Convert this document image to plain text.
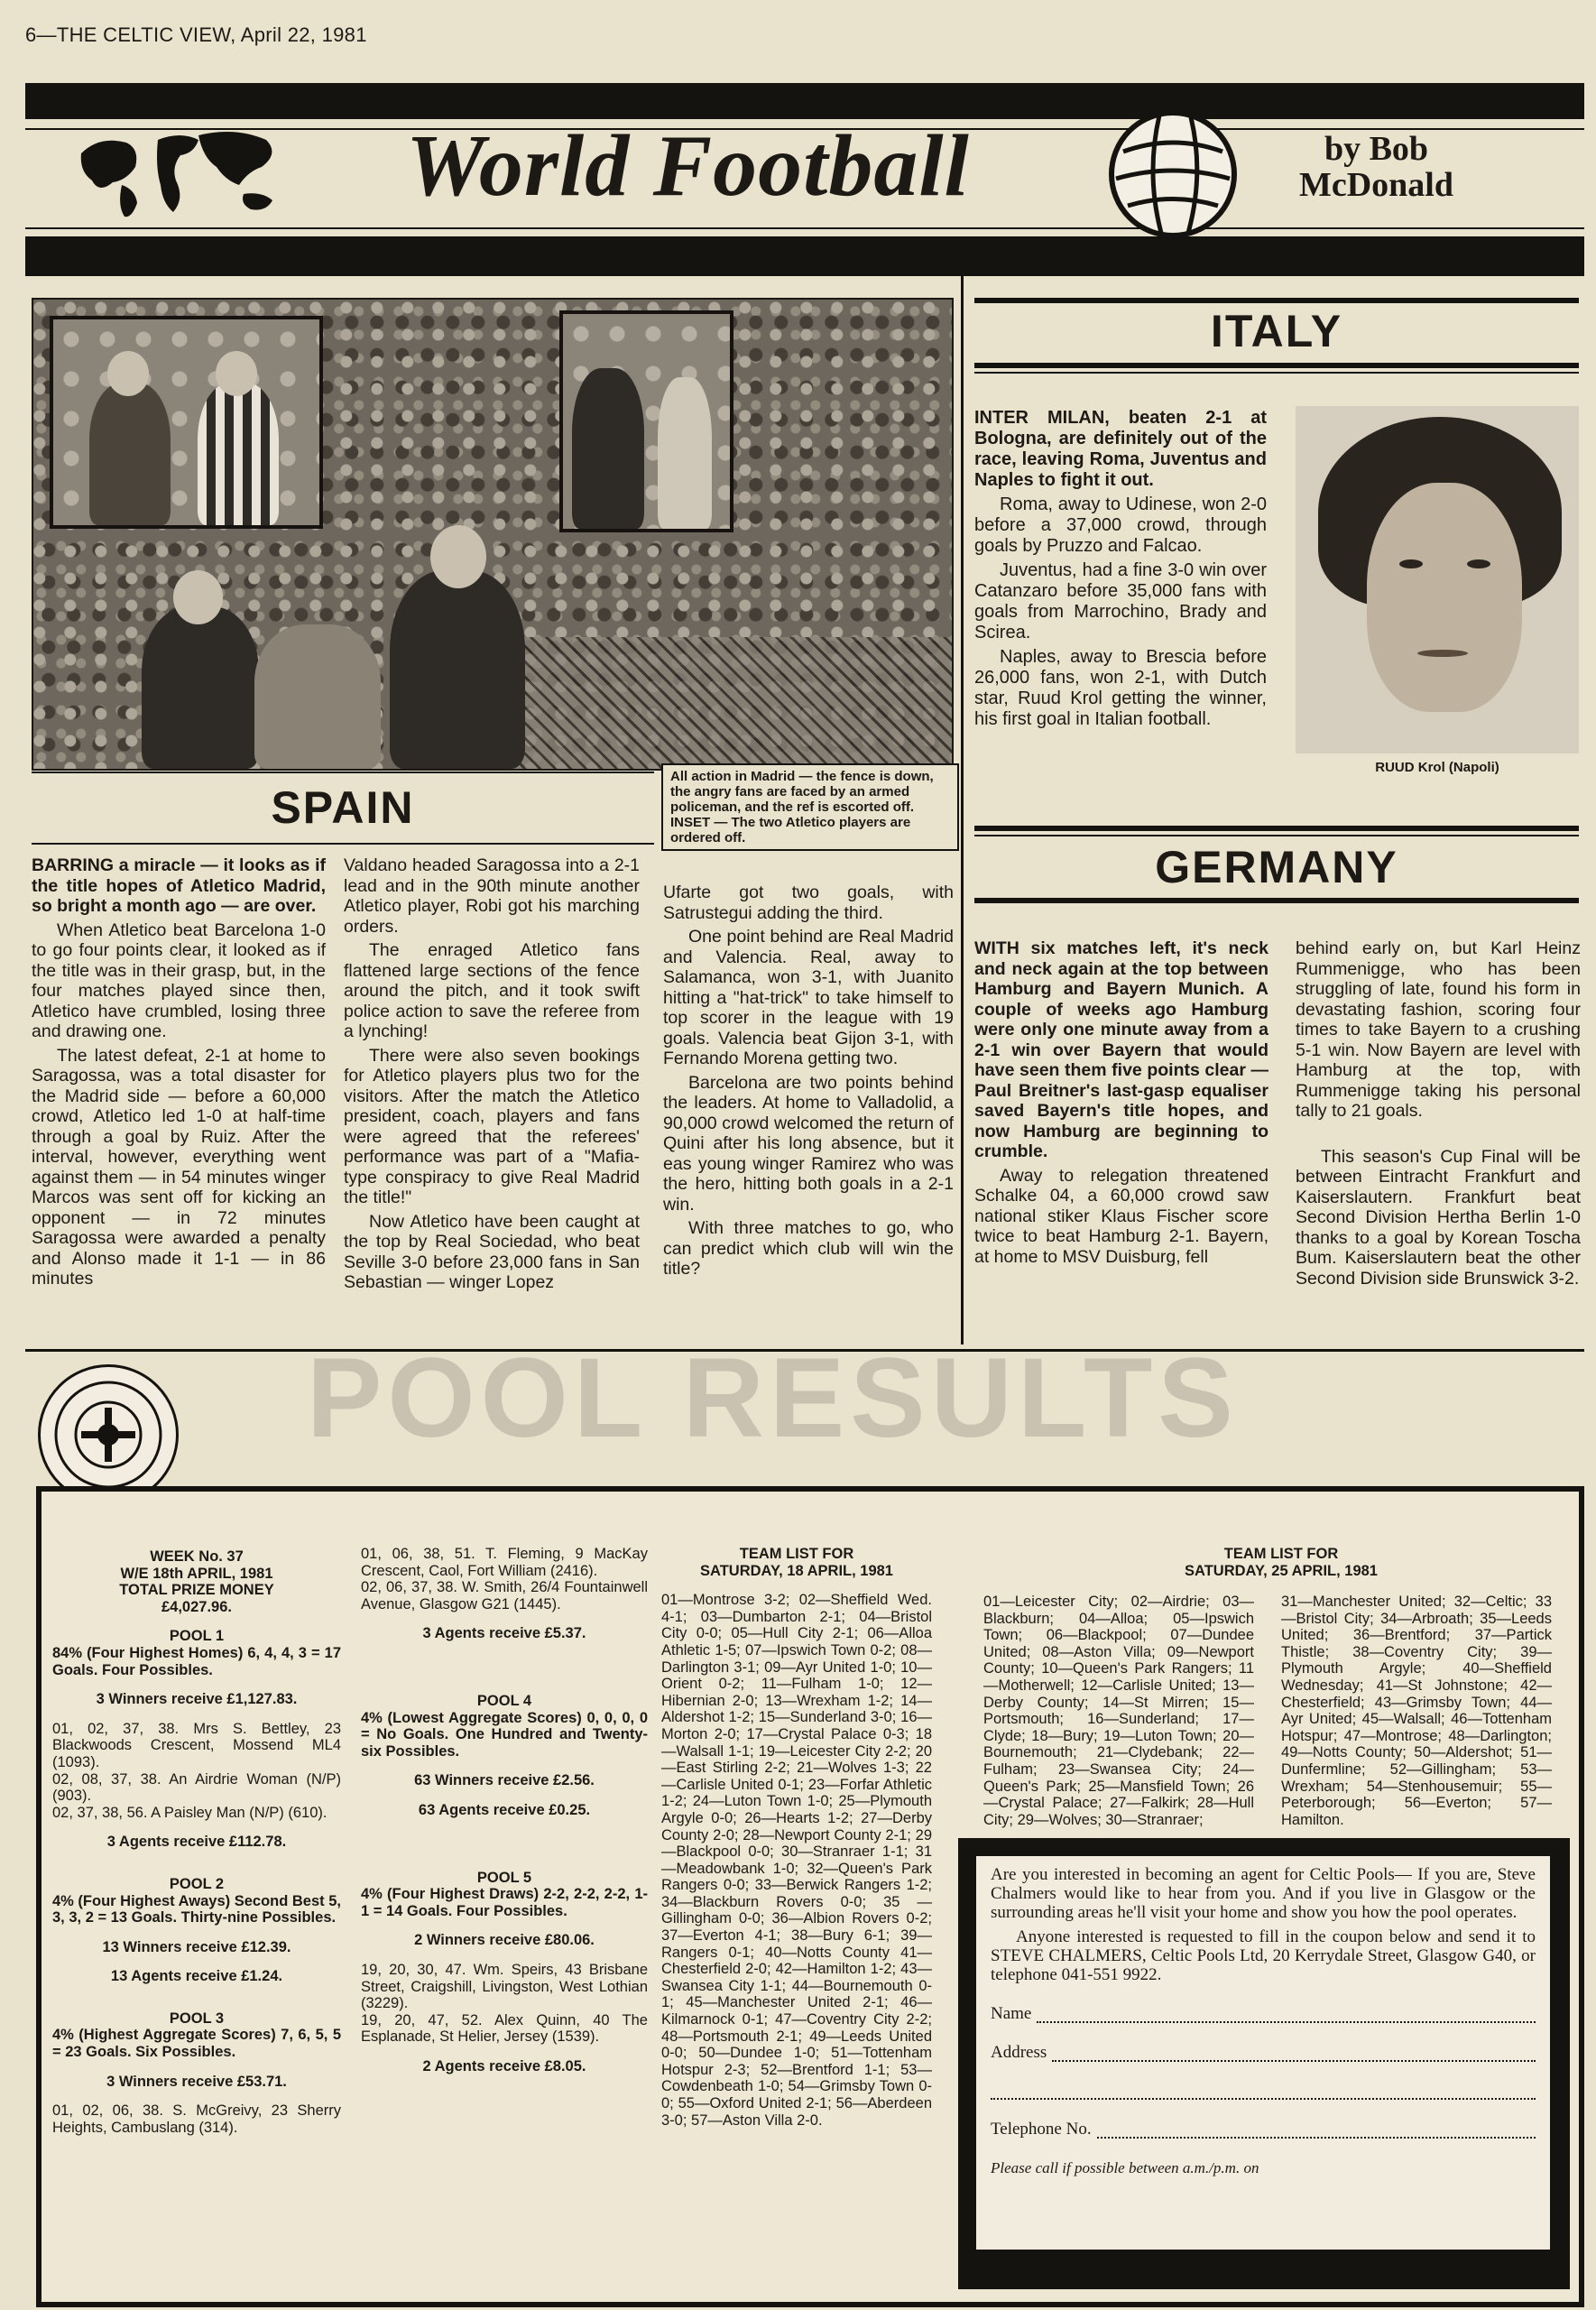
6—THE CELTIC VIEW, April 22, 1981
World Football	by Bob
McDonald
SPAIN
All action in Madrid — the fence is down, the angry fans are faced by an armed policeman, and the ref is escorted off. INSET — The two Atletico players are ordered off.

BARRING a miracle — it looks as if the title hopes of Atletico Madrid, so bright a month ago — are over.

When Atletico beat Barcelona 1-0 to go four points clear, it looked as if the title was in their grasp, but, in the four matches played since then, Atletico have crumbled, losing three and drawing one.

The latest defeat, 2-1 at home to Saragossa, was a total disaster for the Madrid side — before a 60,000 crowd, Atletico led 1-0 at half-time through a goal by Ruiz. After the interval, however, everything went against them — in 54 minutes winger Marcos was sent off for kicking an opponent — in 72 minutes Saragossa were awarded a penalty and Alonso made it 1-1 — in 86 minutes

Valdano headed Saragossa into a 2-1 lead and in the 90th minute another Atletico player, Robi got his marching orders.

The enraged Atletico fans flattened large sections of the fence around the pitch, and it took swift police action to save the referee from a lynching!

There were also seven bookings for Atletico players plus two for the visitors. After the match the Atletico president, coach, players and fans were agreed that the referees' performance was part of a "Mafia-type conspiracy to give Real Madrid the title!"

Now Atletico have been caught at the top by Real Sociedad, who beat Seville 3-0 before 23,000 fans in San Sebastian — winger Lopez

Ufarte got two goals, with Satrustegui adding the third.

One point behind are Real Madrid and Valencia. Real, away to Salamanca, won 3-1, with Juanito hitting a "hat-trick" to take himself to top scorer in the league with 19 goals. Valencia beat Gijon 3-1, with Fernando Morena getting two.

Barcelona are two points behind the leaders. At home to Valladolid, a 90,000 crowd welcomed the return of Quini after his long absence, but it eas young winger Ramirez who was the hero, hitting both goals in a 2-1 win.

With three matches to go, who can predict which club will win the title?

ITALY

INTER MILAN, beaten 2-1 at Bologna, are definitely out of the race, leaving Roma, Juventus and Naples to fight it out.

Roma, away to Udinese, won 2-0 before a 37,000 crowd, through goals by Pruzzo and Falcao.

Juventus, had a fine 3-0 win over Catanzaro before 35,000 fans with goals from Marrochino, Brady and Scirea.

Naples, away to Brescia before 26,000 fans, won 2-1, with Dutch star, Ruud Krol getting the winner, his first goal in Italian football.

RUUD Krol (Napoli)
GERMANY

WITH six matches left, it's neck and neck again at the top between Hamburg and Bayern Munich. A couple of weeks ago Hamburg were only one minute away from a 2-1 win over Bayern that would have seen them five points clear — Paul Breitner's last-gasp equaliser saved Bayern's title hopes, and now Hamburg are beginning to crumble.

Away to relegation threatened Schalke 04, a 60,000 crowd saw national stiker Klaus Fischer score twice to beat Hamburg 2-1. Bayern, at home to MSV Duisburg, fell

behind early on, but Karl Heinz Rummenigge, who has been struggling of late, found his form in devastating fashion, scoring four times to take Bayern to a crushing 5-1 win. Now Bayern are level with Hamburg at the top, with Rummenigge taking his personal tally to 21 goals.

This season's Cup Final will be between Eintracht Frankfurt and Kaiserslautern. Frankfurt beat Second Division Hertha Berlin 1-0 thanks to a goal by Korean Toscha Bum. Kaiserslautern beat the other Second Division side Brunswick 3-2.

POOL RESULTS
WEEK No. 37
W/E 18th APRIL, 1981
TOTAL PRIZE MONEY
£4,027.96.
POOL 1
84% (Four Highest Homes) 6, 4, 4, 3 = 17 Goals. Four Possibles.
3 Winners receive £1,127.83.
01, 02, 37, 38. Mrs S. Bettley, 23 Blackwoods Crescent, Mossend ML4 (1093).
02, 08, 37, 38. An Airdrie Woman (N/P) (903).
02, 37, 38, 56. A Paisley Man (N/P) (610).
3 Agents receive £112.78.
POOL 2
4% (Four Highest Aways) Second Best 5, 3, 3, 2 = 13 Goals. Thirty-nine Possibles.
13 Winners receive £12.39.
13 Agents receive £1.24.
POOL 3
4% (Highest Aggregate Scores) 7, 6, 5, 5 = 23 Goals. Six Possibles.
3 Winners receive £53.71.
01, 02, 06, 38. S. McGreivy, 23 Sherry Heights, Cambuslang (314).
01, 06, 38, 51. T. Fleming, 9 MacKay Crescent, Caol, Fort William (2416).
02, 06, 37, 38. W. Smith, 26/4 Fountainwell Avenue, Glasgow G21 (1445).
3 Agents receive £5.37.
POOL 4
4% (Lowest Aggregate Scores) 0, 0, 0, 0 = No Goals. One Hundred and Twenty-six Possibles.
63 Winners receive £2.56.
63 Agents receive £0.25.
POOL 5
4% (Four Highest Draws) 2-2, 2-2, 2-2, 1-1 = 14 Goals. Four Possibles.
2 Winners receive £80.06.
19, 20, 30, 47. Wm. Speirs, 43 Brisbane Street, Craigshill, Livingston, West Lothian (3229).
19, 20, 47, 52. Alex Quinn, 40 The Esplanade, St Helier, Jersey (1539).
2 Agents receive £8.05.
TEAM LIST FOR
SATURDAY, 18 APRIL, 1981
01—Montrose 3-2; 02—Sheffield Wed. 4-1; 03—Dumbarton 2-1; 04—Bristol City 0-0; 05—Hull City 2-1; 06—Alloa Athletic 1-5; 07—Ipswich Town 0-2; 08—Darlington 3-1; 09—Ayr United 1-0; 10—Orient 0-2; 11—Fulham 1-0; 12—Hibernian 2-0; 13—Wrexham 1-2; 14—Aldershot 1-2; 15—Sunderland 3-0; 16—Morton 2-0; 17—Crystal Palace 0-3; 18—Walsall 1-1; 19—Leicester City 2-2; 20—East Stirling 2-2; 21—Wolves 1-3; 22—Carlisle United 0-1; 23—Forfar Athletic 1-2; 24—Luton Town 1-0; 25—Plymouth Argyle 0-0; 26—Hearts 1-2; 27—Derby County 2-0; 28—Newport County 2-1; 29—Blackpool 0-0; 30—Stranraer 1-1; 31—Meadowbank 1-0; 32—Queen's Park Rangers 0-0; 33—Berwick Rangers 1-2; 34—Blackburn Rovers 0-0; 35 —Gillingham 0-0; 36—Albion Rovers 0-2; 37—Everton 4-1; 38—Bury 6-1; 39—Rangers 0-1; 40—Notts County 41—Chesterfield 2-0; 42—Hamilton 1-2; 43—Swansea City 1-1; 44—Bournemouth 0-1; 45—Manchester United 2-1; 46—Kilmarnock 0-1; 47—Coventry City 2-2; 48—Portsmouth 2-1; 49—Leeds United 0-0; 50—Dundee 1-0; 51—Tottenham Hotspur 2-3; 52—Brentford 1-1; 53—Cowdenbeath 1-0; 54—Grimsby Town 0-0; 55—Oxford United 2-1; 56—Aberdeen 3-0; 57—Aston Villa 2-0.
TEAM LIST FOR
SATURDAY, 25 APRIL, 1981
01—Leicester City; 02—Airdrie; 03—Blackburn; 04—Alloa; 05—Ipswich Town; 06—Blackpool; 07—Dundee United; 08—Aston Villa; 09—Newport County; 10—Queen's Park Rangers; 11—Motherwell; 12—Carlisle United; 13—Derby County; 14—St Mirren; 15—Portsmouth; 16—Sunderland; 17—Clyde; 18—Bury; 19—Luton Town; 20—Bournemouth; 21—Clydebank; 22—Fulham; 23—Swansea City; 24—Queen's Park; 25—Mansfield Town; 26—Crystal Palace; 27—Falkirk; 28—Hull City; 29—Wolves; 30—Stranraer;
31—Manchester United; 32—Celtic; 33—Bristol City; 34—Arbroath; 35—Leeds United; 36—Brentford; 37—Partick Thistle; 38—Coventry City; 39—Plymouth Argyle; 40—Sheffield Wednesday; 41—St Johnstone; 42—Chesterfield; 43—Grimsby Town; 44—Ayr United; 45—Walsall; 46—Tottenham Hotspur; 47—Montrose; 48—Darlington; 49—Notts County; 50—Aldershot; 51—Dunfermline; 52—Gillingham; 53—Wrexham; 54—Stenhousemuir; 55—Peterborough; 56—Everton; 57—Hamilton.

Are you interested in becoming an agent for Celtic Pools— If you are, Steve Chalmers would like to hear from you. And if you live in Glasgow or the surrounding areas he'll visit your home and show you how the pool operates.

Anyone interested is requested to fill in the coupon below and send it to STEVE CHALMERS, Celtic Pools Ltd, 20 Kerrydale Street, Glasgow G40, or telephone 041-551 9922.

Name
Address
Telephone No.
Please call if possible between a.m./p.m. on
